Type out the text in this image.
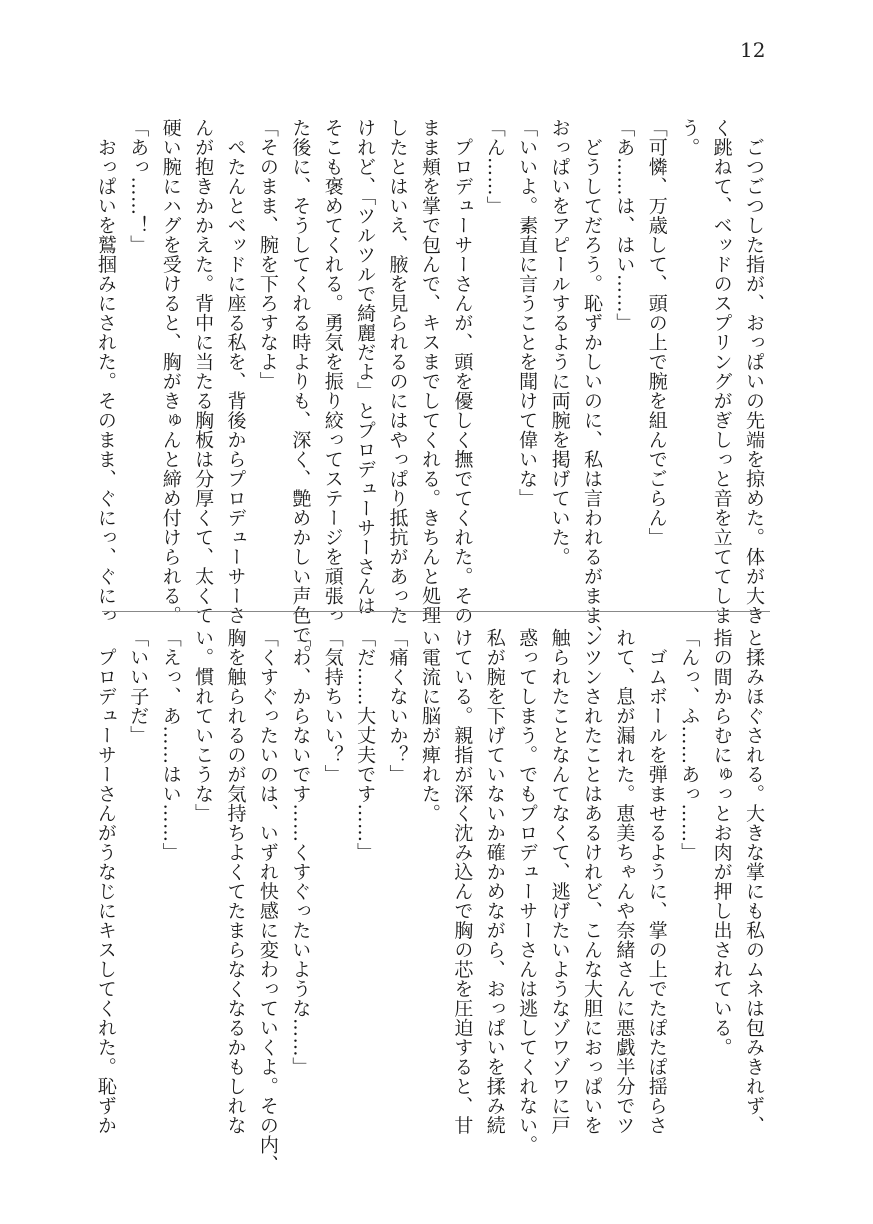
12
　ごつごつした指が、おっぱいの先端を掠めた。体が大き
く跳ねて、ベッドのスプリングがぎしっと音を立ててしま
う。
「可憐、万歳して、頭の上で腕を組んでごらん」
「あ……は、はい……」
　どうしてだろう。恥ずかしいのに、私は言われるがまま、
おっぱいをアピールするように両腕を掲げていた。
「いいよ。素直に言うことを聞けて偉いな」
「ん……」
　プロデューサーさんが、頭を優しく撫でてくれた。その
まま頬を掌で包んで、キスまでしてくれる。きちんと処理
したとはいえ、腋を見られるのにはやっぱり抵抗があった
けれど、「ツルツルで綺麗だよ」とプロデューサーさんは
そこも褒めてくれる。勇気を振り絞ってステージを頑張っ
た後に、そうしてくれる時よりも、深く、艶めかしい声色で。
「そのまま、腕を下ろすなよ」
　ぺたんとベッドに座る私を、背後からプロデューサーさ
んが抱きかかえた。背中に当たる胸板は分厚くて、太くて
硬い腕にハグを受けると、胸がきゅんと締め付けられる。
「あっ……！」
　おっぱいを鷲掴みにされた。そのまま、ぐにっ、ぐにっ
と揉みほぐされる。大きな掌にも私のムネは包みきれず、
指の間からむにゅっとお肉が押し出されている。
「んっ、ふ……あっ……」
　ゴムボールを弾ませるように、掌の上でたぽたぽ揺らさ
れて、息が漏れた。恵美ちゃんや奈緒さんに悪戯半分でツ
ンツンされたことはあるけれど、こんな大胆におっぱいを
触られたことなんてなくて、逃げたいようなゾワゾワに戸
惑ってしまう。でもプロデューサーさんは逃してくれない。
私が腕を下げていないか確かめながら、おっぱいを揉み続
けている。親指が深く沈み込んで胸の芯を圧迫すると、甘
い電流に脳が痺れた。
「痛くないか？」
「だ……大丈夫です……」
「気持ちいい？」
「わ、からないです……くすぐったいような……」
「くすぐったいのは、いずれ快感に変わっていくよ。その内、
胸を触られるのが気持ちよくてたまらなくなるかもしれな
い。慣れていこうな」
「えっ、あ……はい……」
「いい子だ」
　プロデューサーさんがうなじにキスしてくれた。恥ずか
